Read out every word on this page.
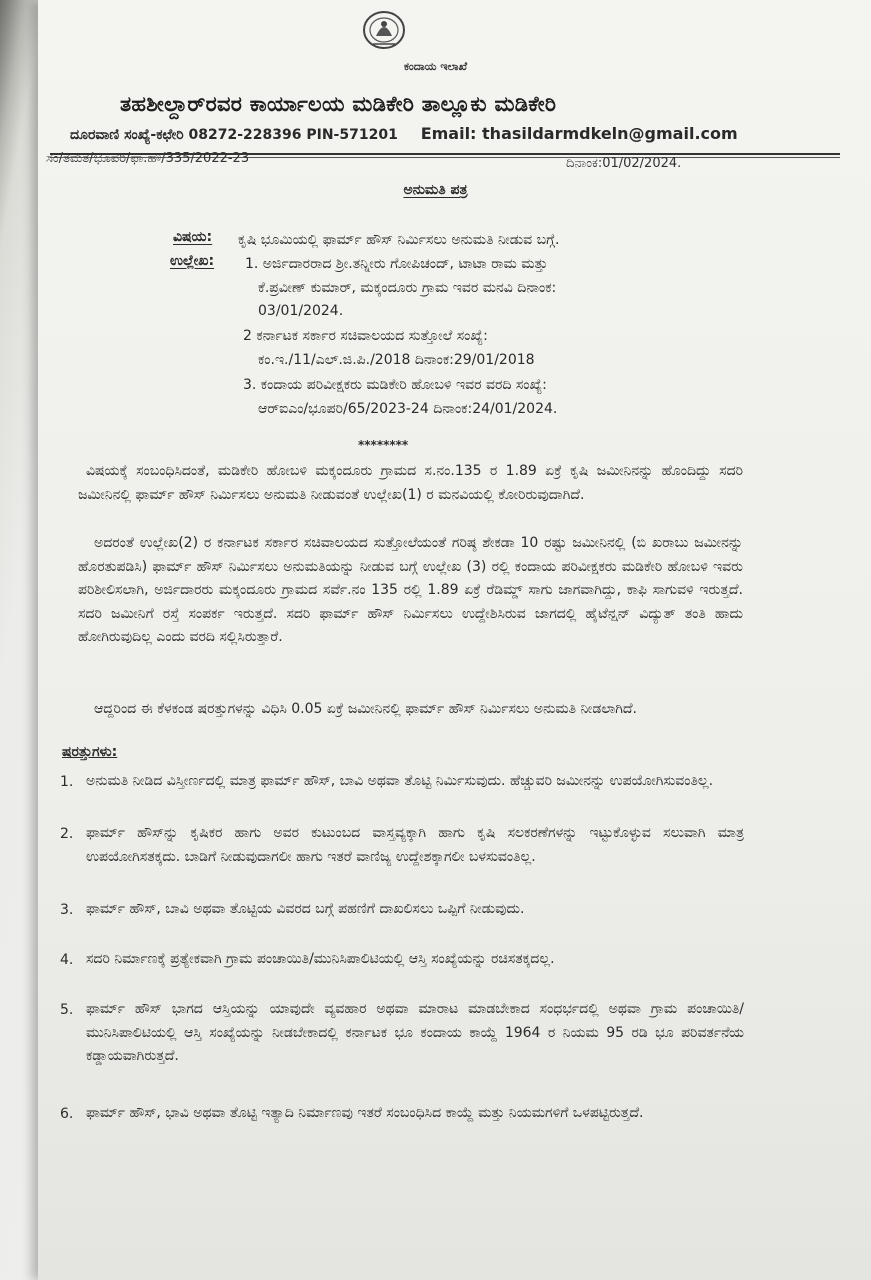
ಕಂದಾಯ ಇಲಾಖೆ
ತಹಶೀಲ್ದಾರ್‌ರವರ ಕಾರ್ಯಾಲಯ ಮಡಿಕೇರಿ ತಾಲ್ಲೂಕು ಮಡಿಕೇರಿ
ದೂರವಾಣಿ ಸಂಖ್ಯೆ-ಕಛೇರಿ 08272-228396 PIN-571201 Email: thasildarmdkeln@gmail.com
ಸಂ/ತಮತ/ಭೂಪರಿ/ಫಾ.ಹೌ/335/2022-23	ದಿನಾಂಕ:01/02/2024.
ಅನುಮತಿ ಪತ್ರ
ವಿಷಯ: ಕೃಷಿ ಭೂಮಿಯಲ್ಲಿ ಫಾರ್ಮ್ ಹೌಸ್ ನಿರ್ಮಿಸಲು ಅನುಮತಿ ನೀಡುವ ಬಗ್ಗೆ.
ಉಲ್ಲೇಖ: 1. ಅರ್ಜಿದಾರರಾದ ಶ್ರೀ.ತನ್ನೀರು ಗೋಪಿಚಂದ್, ಟಾಟಾ ರಾಮ ಮತ್ತು
ಕೆ.ಪ್ರವೀಣ್ ಕುಮಾರ್, ಮಕ್ಕಂದೂರು ಗ್ರಾಮ ಇವರ ಮನವಿ ದಿನಾಂಕ:
03/01/2024.
2 ಕರ್ನಾಟಕ ಸರ್ಕಾರ ಸಚಿವಾಲಯದ ಸುತ್ತೋಲೆ ಸಂಖ್ಯೆ:
ಕಂ.ಇ./11/ಎಲ್.ಜಿ.ಪಿ./2018 ದಿನಾಂಕ:29/01/2018
3. ಕಂದಾಯ ಪರಿವೀಕ್ಷಕರು ಮಡಿಕೇರಿ ಹೋಬಳಿ ಇವರ ವರದಿ ಸಂಖ್ಯೆ:
ಆರ್‌ಐಎಂ/ಭೂಪರಿ/65/2023-24 ದಿನಾಂಕ:24/01/2024.
********
ವಿಷಯಕ್ಕೆ ಸಂಬಂಧಿಸಿದಂತೆ, ಮಡಿಕೇರಿ ಹೋಬಳಿ ಮಕ್ಕಂದೂರು ಗ್ರಾಮದ ಸ.ನಂ.135 ರ 1.89 ಏಕ್ರೆ ಕೃಷಿ ಜಮೀನಿನನ್ನು ಹೊಂದಿದ್ದು ಸದರಿ ಜಮೀನಿನಲ್ಲಿ ಫಾರ್ಮ್ ಹೌಸ್ ನಿರ್ಮಿಸಲು ಅನುಮತಿ ನೀಡುವಂತೆ ಉಲ್ಲೇಖ(1) ರ ಮನವಿಯಲ್ಲಿ ಕೋರಿರುವುದಾಗಿದೆ.
ಅದರಂತೆ ಉಲ್ಲೇಖ(2) ರ ಕರ್ನಾಟಕ ಸರ್ಕಾರ ಸಚಿವಾಲಯದ ಸುತ್ತೋಲೆಯಂತೆ ಗರಿಷ್ಠ ಶೇಕಡಾ 10 ರಷ್ಟು ಜಮೀನಿನಲ್ಲಿ (ಬಿ ಖರಾಬು ಜಮೀನನ್ನು ಹೊರತುಪಡಿಸಿ) ಫಾರ್ಮ್ ಹೌಸ್ ನಿರ್ಮಿಸಲು ಅನುಮತಿಯನ್ನು ನೀಡುವ ಬಗ್ಗೆ ಉಲ್ಲೇಖ (3) ರಲ್ಲಿ ಕಂದಾಯ ಪರಿವೀಕ್ಷಕರು ಮಡಿಕೇರಿ ಹೋಬಳಿ ಇವರು ಪರಿಶೀಲಿಸಲಾಗಿ, ಅರ್ಜಿದಾರರು ಮಕ್ಕಂದೂರು ಗ್ರಾಮದ ಸರ್ವೆ.ನಂ 135 ರಲ್ಲಿ 1.89 ಏಕ್ರೆ ರೆಡಿಮ್ಡ್ ಸಾಗು ಜಾಗವಾಗಿದ್ದು, ಕಾಫಿ ಸಾಗುವಳಿ ಇರುತ್ತದೆ. ಸದರಿ ಜಮೀನಿಗೆ ರಸ್ತೆ ಸಂಪರ್ಕ ಇರುತ್ತದೆ. ಸದರಿ ಫಾರ್ಮ್ ಹೌಸ್ ನಿರ್ಮಿಸಲು ಉದ್ದೇಶಿಸಿರುವ ಜಾಗದಲ್ಲಿ ಹೈಟೆನ್ಷನ್ ವಿದ್ಯುತ್ ತಂತಿ ಹಾದು ಹೋಗಿರುವುದಿಲ್ಲ ಎಂದು ವರದಿ ಸಲ್ಲಿಸಿರುತ್ತಾರೆ.
ಆದ್ದರಿಂದ ಈ ಕೆಳಕಂಡ ಷರತ್ತುಗಳನ್ನು ವಿಧಿಸಿ 0.05 ಏಕ್ರೆ ಜಮೀನಿನಲ್ಲಿ ಫಾರ್ಮ್ ಹೌಸ್ ನಿರ್ಮಿಸಲು ಅನುಮತಿ ನೀಡಲಾಗಿದೆ.
ಷರತ್ತುಗಳು:
1. ಅನುಮತಿ ನೀಡಿದ ವಿಸ್ತೀರ್ಣದಲ್ಲಿ ಮಾತ್ರ ಫಾರ್ಮ್ ಹೌಸ್, ಬಾವಿ ಅಥವಾ ತೊಟ್ಟಿ ನಿರ್ಮಿಸುವುದು. ಹೆಚ್ಚುವರಿ ಜಮೀನನ್ನು ಉಪಯೋಗಿಸುವಂತಿಲ್ಲ.
2. ಫಾರ್ಮ್ ಹೌಸ್‌ನ್ನು ಕೃಷಿಕರ ಹಾಗು ಅವರ ಕುಟುಂಬದ ವಾಸ್ತವ್ಯಕ್ಕಾಗಿ ಹಾಗು ಕೃಷಿ ಸಲಕರಣೆಗಳನ್ನು ಇಟ್ಟುಕೊಳ್ಳುವ ಸಲುವಾಗಿ ಮಾತ್ರ ಉಪಯೋಗಿಸತಕ್ಕದು. ಬಾಡಿಗೆ ನೀಡುವುದಾಗಲೀ ಹಾಗು ಇತರೆ ವಾಣಿಜ್ಯ ಉದ್ದೇಶಕ್ಕಾಗಲೀ ಬಳಸುವಂತಿಲ್ಲ.
3. ಫಾರ್ಮ್ ಹೌಸ್, ಬಾವಿ ಅಥವಾ ತೊಟ್ಟಿಯ ವಿವರದ ಬಗ್ಗೆ ಪಹಣಿಗೆ ದಾಖಲಿಸಲು ಒಪ್ಪಿಗೆ ನೀಡುವುದು.
4. ಸದರಿ ನಿರ್ಮಾಣಕ್ಕೆ ಪ್ರತ್ಯೇಕವಾಗಿ ಗ್ರಾಮ ಪಂಚಾಯಿತಿ/ಮುನಿಸಿಪಾಲಿಟಿಯಲ್ಲಿ ಆಸ್ತಿ ಸಂಖ್ಯೆಯನ್ನು ರಚಿಸತಕ್ಕದಲ್ಲ.
5. ಫಾರ್ಮ್ ಹೌಸ್ ಭಾಗದ ಆಸ್ತಿಯನ್ನು ಯಾವುದೇ ವ್ಯವಹಾರ ಅಥವಾ ಮಾರಾಟ ಮಾಡಬೇಕಾದ ಸಂಧರ್ಭದಲ್ಲಿ ಅಥವಾ ಗ್ರಾಮ ಪಂಚಾಯಿತಿ/ಮುನಿಸಿಪಾಲಿಟಿಯಲ್ಲಿ ಆಸ್ತಿ ಸಂಖ್ಯೆಯನ್ನು ನೀಡಬೇಕಾದಲ್ಲಿ ಕರ್ನಾಟಕ ಭೂ ಕಂದಾಯ ಕಾಯ್ದೆ 1964 ರ ನಿಯಮ 95 ರಡಿ ಭೂ ಪರಿವರ್ತನೆಯ ಕಡ್ಡಾಯವಾಗಿರುತ್ತದೆ.
6. ಫಾರ್ಮ್ ಹೌಸ್, ಭಾವಿ ಅಥವಾ ತೊಟ್ಟಿ ಇತ್ಯಾದಿ ನಿರ್ಮಾಣವು ಇತರೆ ಸಂಬಂಧಿಸಿದ ಕಾಯ್ದೆ ಮತ್ತು ನಿಯಮಗಳಿಗೆ ಒಳಪಟ್ಟಿರುತ್ತದೆ.
